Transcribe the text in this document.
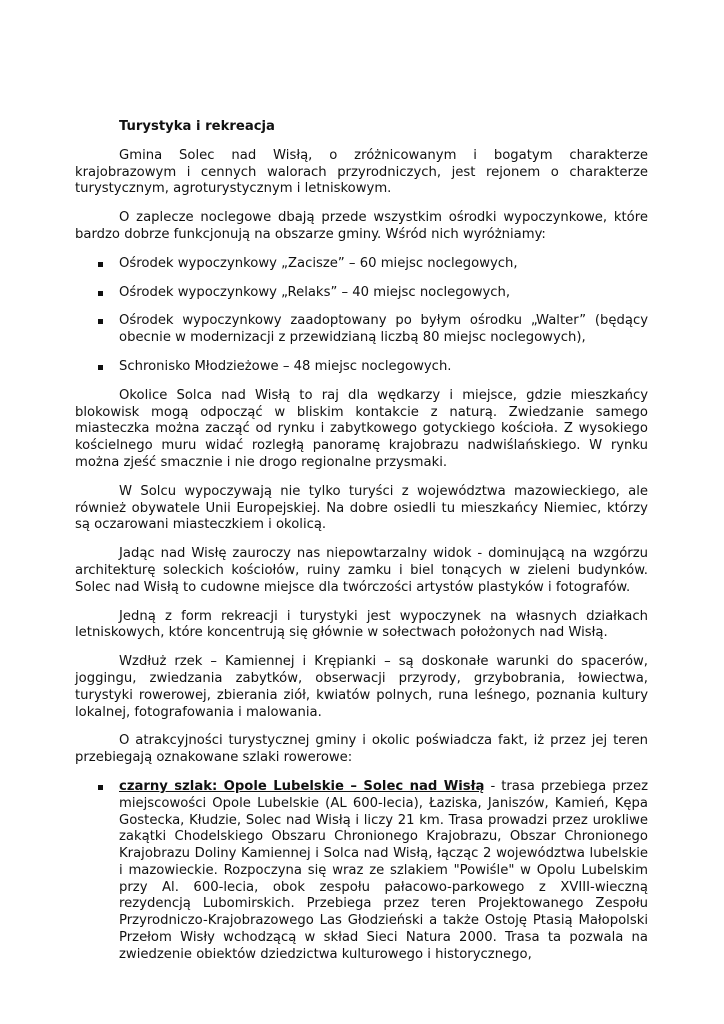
Turystyka i rekreacja

Gmina Solec nad Wisłą, o zróżnicowanym i bogatym charakterze krajobrazowym i cennych walorach przyrodniczych, jest rejonem o charakterze turystycznym, agroturystycznym i letniskowym.

O zaplecze noclegowe dbają przede wszystkim ośrodki wypoczynkowe, które bardzo dobrze funkcjonują na obszarze gminy. Wśród nich wyróżniamy:

Ośrodek wypoczynkowy „Zacisze” – 60 miejsc noclegowych,
Ośrodek wypoczynkowy „Relaks” – 40 miejsc noclegowych,
Ośrodek wypoczynkowy zaadoptowany po byłym ośrodku „Walter” (będący obecnie w modernizacji z przewidzianą liczbą 80 miejsc noclegowych),
Schronisko Młodzieżowe – 48 miejsc noclegowych.

Okolice Solca nad Wisłą to raj dla wędkarzy i miejsce, gdzie mieszkańcy blokowisk mogą odpocząć w bliskim kontakcie z naturą. Zwiedzanie samego miasteczka można zacząć od rynku i zabytkowego gotyckiego kościoła. Z wysokiego kościelnego muru widać rozległą panoramę krajobrazu nadwiślańskiego. W rynku można zjeść smacznie i nie drogo regionalne przysmaki.

W Solcu wypoczywają nie tylko turyści z województwa mazowieckiego, ale również obywatele Unii Europejskiej. Na dobre osiedli tu mieszkańcy Niemiec, którzy są oczarowani miasteczkiem i okolicą.

Jadąc nad Wisłę zauroczy nas niepowtarzalny widok - dominującą na wzgórzu architekturę soleckich kościołów, ruiny zamku i biel tonących w zieleni budynków. Solec nad Wisłą to cudowne miejsce dla twórczości artystów plastyków i fotografów.

Jedną z form rekreacji i turystyki jest wypoczynek na własnych działkach letniskowych, które koncentrują się głównie w sołectwach położonych nad Wisłą.

Wzdłuż rzek – Kamiennej i Krępianki – są doskonałe warunki do spacerów, joggingu, zwiedzania zabytków, obserwacji przyrody, grzybobrania, łowiectwa, turystyki rowerowej, zbierania ziół, kwiatów polnych, runa leśnego, poznania kultury lokalnej, fotografowania i malowania.

O atrakcyjności turystycznej gminy i okolic poświadcza fakt, iż przez jej teren przebiegają oznakowane szlaki rowerowe:

czarny szlak: Opole Lubelskie – Solec nad Wisłą - trasa przebiega przez miejscowości Opole Lubelskie (AL 600-lecia), Łaziska, Janiszów, Kamień, Kępa Gostecka, Kłudzie, Solec nad Wisłą i liczy 21 km. Trasa prowadzi przez urokliwe zakątki Chodelskiego Obszaru Chronionego Krajobrazu, Obszar Chronionego Krajobrazu Doliny Kamiennej i Solca nad Wisłą, łącząc 2 województwa lubelskie i mazowieckie. Rozpoczyna się wraz ze szlakiem "Powiśle" w Opolu Lubelskim przy Al. 600-lecia, obok zespołu pałacowo-parkowego z XVIII-wieczną rezydencją Lubomirskich. Przebiega przez teren Projektowanego Zespołu Przyrodniczo-Krajobrazowego Las Głodzieński a także Ostoję Ptasią Małopolski Przełom Wisły wchodzącą w skład Sieci Natura 2000. Trasa ta pozwala na zwiedzenie obiektów dziedzictwa kulturowego i historycznego,
